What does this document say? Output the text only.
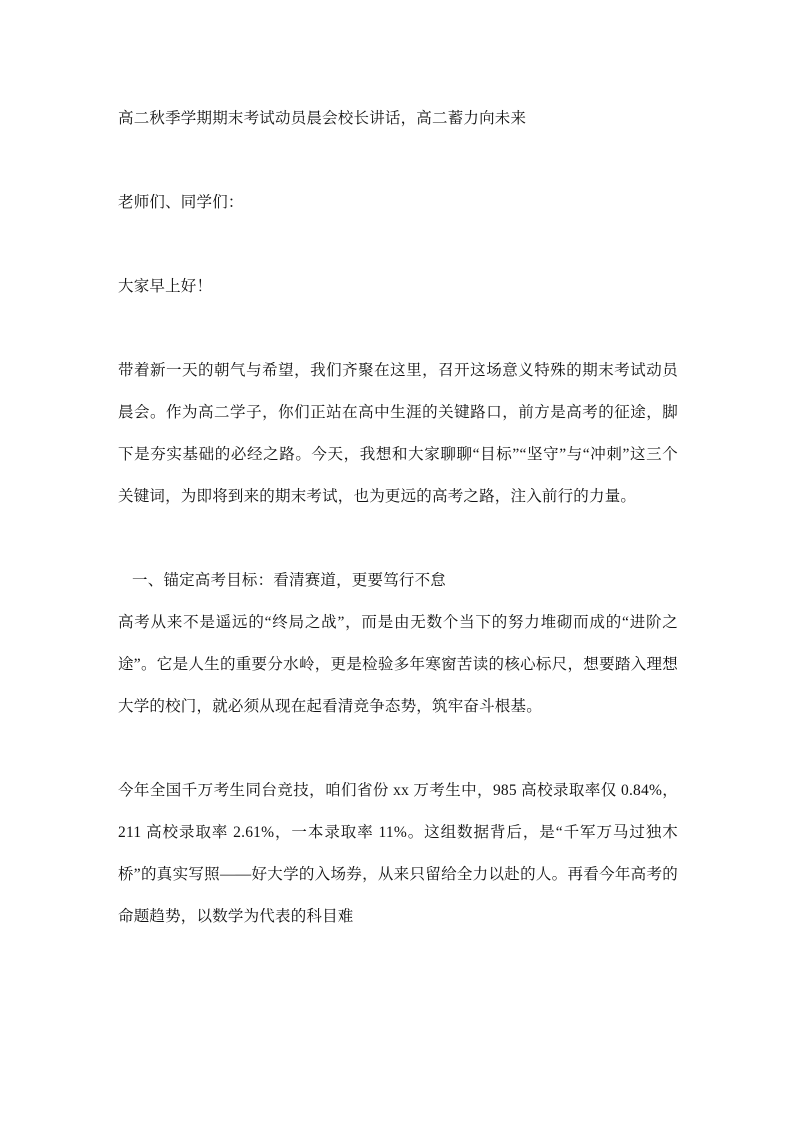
高二秋季学期期末考试动员晨会校长讲话，高二蓄力向未来

老师们、同学们：

大家早上好！

带着新一天的朝气与希望，我们齐聚在这里，召开这场意义特殊的期末考试动员晨会。作为高二学子，你们正站在高中生涯的关键路口，前方是高考的征途，脚下是夯实基础的必经之路。今天，我想和大家聊聊“目标”“坚守”与“冲刺”这三个关键词，为即将到来的期末考试，也为更远的高考之路，注入前行的力量。

一、锚定高考目标：看清赛道，更要笃行不怠

高考从来不是遥远的“终局之战”，而是由无数个当下的努力堆砌而成的“进阶之途”。它是人生的重要分水岭，更是检验多年寒窗苦读的核心标尺，想要踏入理想大学的校门，就必须从现在起看清竞争态势，筑牢奋斗根基。

今年全国千万考生同台竞技，咱们省份 xx 万考生中，985 高校录取率仅 0.84%，211 高校录取率 2.61%，一本录取率 11%。这组数据背后，是“千军万马过独木桥”的真实写照——好大学的入场券，从来只留给全力以赴的人。再看今年高考的命题趋势，以数学为代表的科目难
